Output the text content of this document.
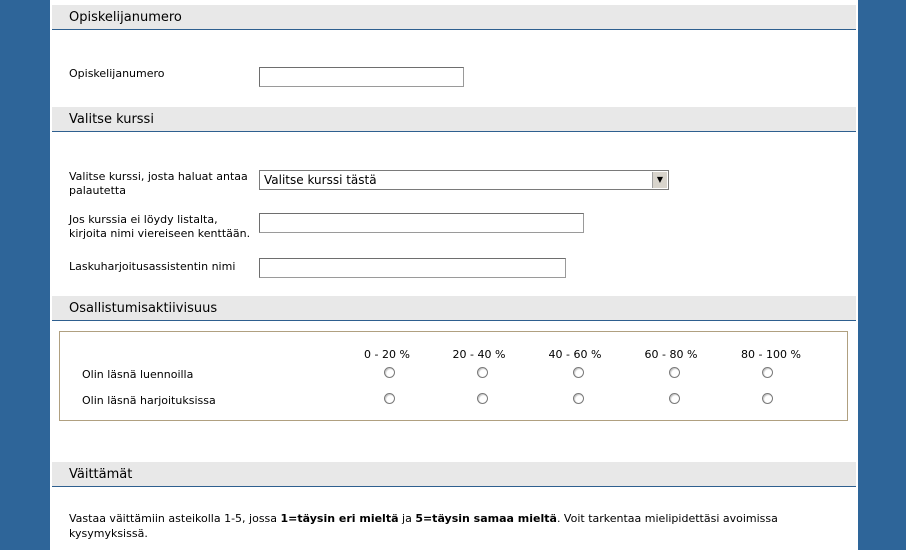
Opiskelijanumero
Opiskelijanumero
Valitse kurssi
Valitse kurssi, josta haluat antaa palautetta
Valitse kurssi tästä	▼
Jos kurssia ei löydy listalta, kirjoita nimi viereiseen kenttään.
Laskuharjoitusassistentin nimi
Osallistumisaktiivisuus
0 - 20 %	20 - 40 %	40 - 60 %	60 - 80 %	80 - 100 %
Olin läsnä luennoilla
Olin läsnä harjoituksissa
Väittämät
Vastaa väittämiin asteikolla 1-5, jossa 1=täysin eri mieltä ja 5=täysin samaa mieltä. Voit tarkentaa mielipidettäsi avoimissa kysymyksissä.
